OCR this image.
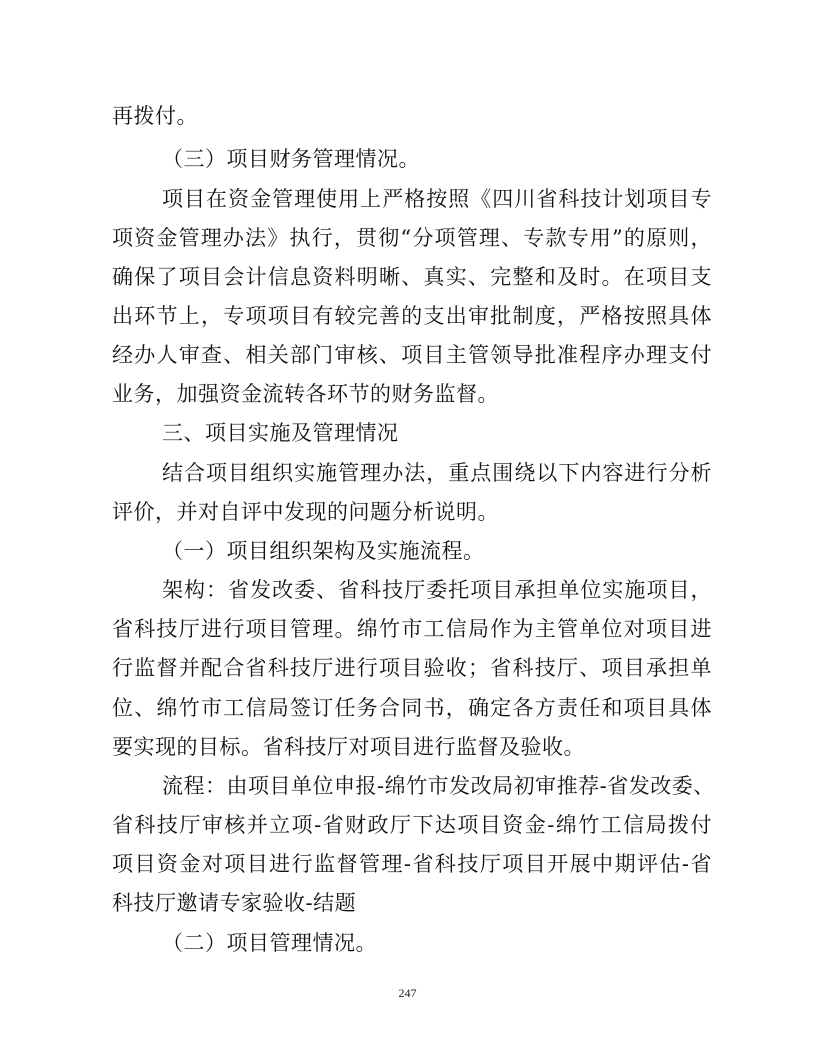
再拨付。
（三）项目财务管理情况。
项目在资金管理使用上严格按照《四川省科技计划项目专
项资金管理办法》执行，贯彻“分项管理、专款专用”的原则，
确保了项目会计信息资料明晰、真实、完整和及时。在项目支
出环节上，专项项目有较完善的支出审批制度，严格按照具体
经办人审查、相关部门审核、项目主管领导批准程序办理支付
业务，加强资金流转各环节的财务监督。
三、项目实施及管理情况
结合项目组织实施管理办法，重点围绕以下内容进行分析
评价，并对自评中发现的问题分析说明。
（一）项目组织架构及实施流程。
架构：省发改委、省科技厅委托项目承担单位实施项目，
省科技厅进行项目管理。绵竹市工信局作为主管单位对项目进
行监督并配合省科技厅进行项目验收；省科技厅、项目承担单
位、绵竹市工信局签订任务合同书，确定各方责任和项目具体
要实现的目标。省科技厅对项目进行监督及验收。
流程：由项目单位申报-绵竹市发改局初审推荐-省发改委、
省科技厅审核并立项-省财政厅下达项目资金-绵竹工信局拨付
项目资金对项目进行监督管理-省科技厅项目开展中期评估-省
科技厅邀请专家验收-结题
（二）项目管理情况。
247
